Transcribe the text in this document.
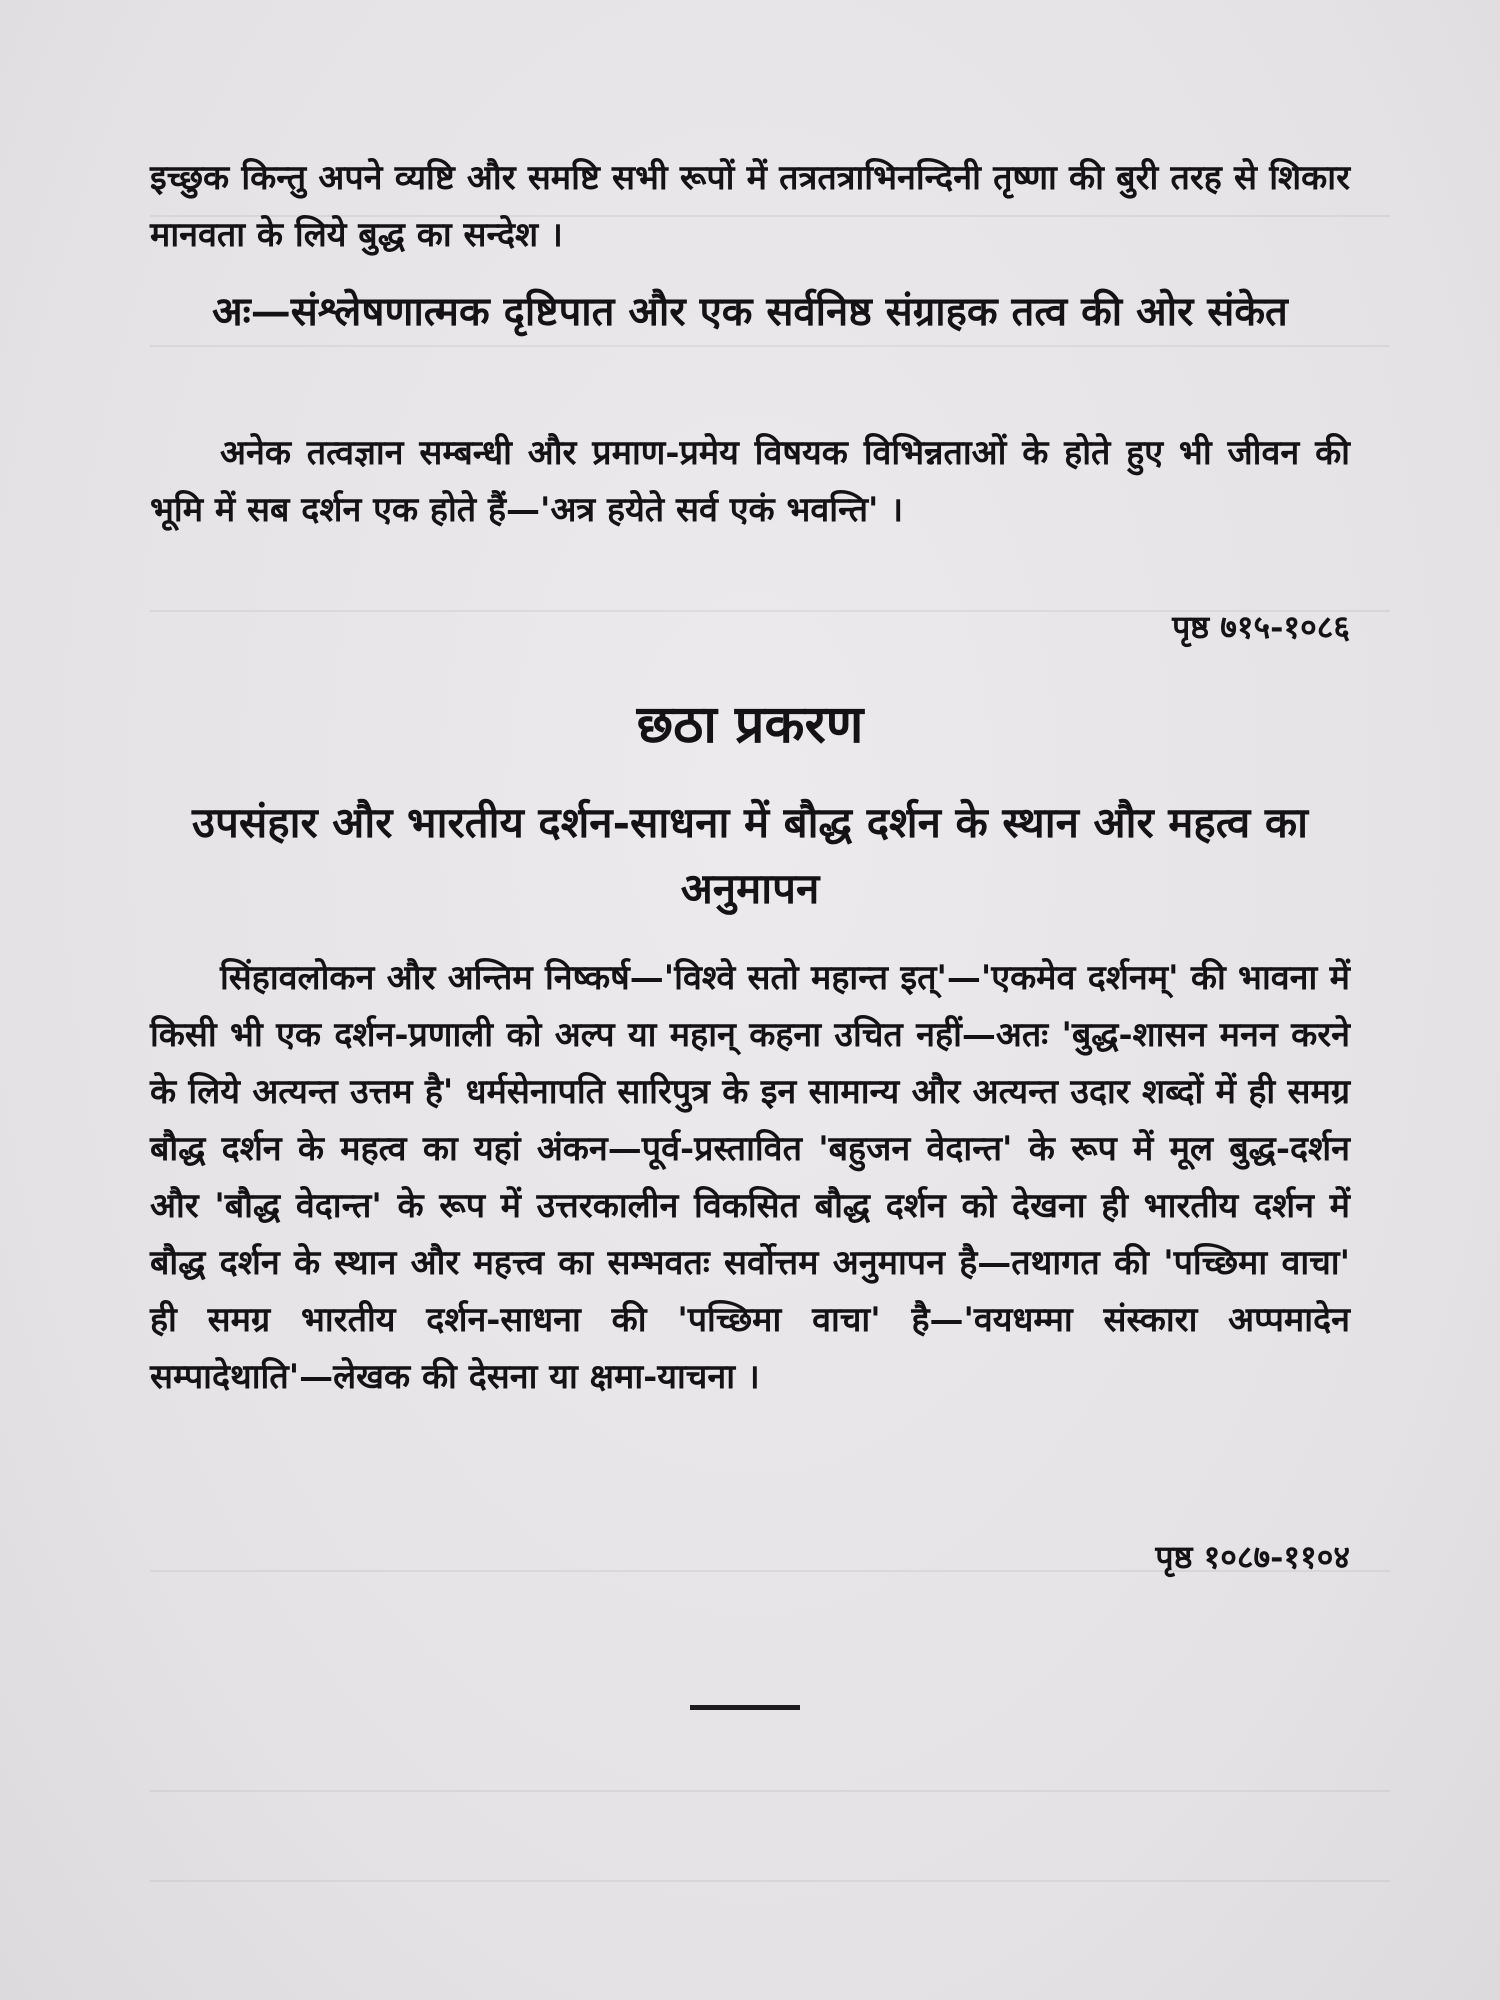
इच्छुक किन्तु अपने व्यष्टि और समष्टि सभी रूपों में तत्रतत्राभिनन्दिनी तृष्णा की बुरी तरह से शिकार मानवता के लिये बुद्ध का सन्देश ।

अः—संश्लेषणात्मक दृष्टिपात और एक सर्वनिष्ठ संग्राहक तत्व की ओर संकेत

अनेक तत्वज्ञान सम्बन्धी और प्रमाण-प्रमेय विषयक विभिन्नताओं के होते हुए भी जीवन की भूमि में सब दर्शन एक होते हैं—'अत्र हयेते सर्व एकं भवन्ति' ।

पृष्ठ ७१५-१०८६

छठा प्रकरण
उपसंहार और भारतीय दर्शन-साधना में बौद्ध दर्शन के स्थान और महत्व का अनुमापन

सिंहावलोकन और अन्तिम निष्कर्ष—'विश्वे सतो महान्त इत्'—'एकमेव दर्शनम्' की भावना में किसी भी एक दर्शन-प्रणाली को अल्प या महान् कहना उचित नहीं—अतः 'बुद्ध-शासन मनन करने के लिये अत्यन्त उत्तम है' धर्मसेनापति सारिपुत्र के इन सामान्य और अत्यन्त उदार शब्दों में ही समग्र बौद्ध दर्शन के महत्व का यहां अंकन—पूर्व-प्रस्तावित 'बहुजन वेदान्त' के रूप में मूल बुद्ध-दर्शन और 'बौद्ध वेदान्त' के रूप में उत्तरकालीन विकसित बौद्ध दर्शन को देखना ही भारतीय दर्शन में बौद्ध दर्शन के स्थान और महत्त्व का सम्भवतः सर्वोत्तम अनुमापन है—तथागत की 'पच्छिमा वाचा' ही समग्र भारतीय दर्शन-साधना की 'पच्छिमा वाचा' है—'वयधम्मा संस्कारा अप्पमादेन सम्पादेथाति'—लेखक की देसना या क्षमा-याचना ।

पृष्ठ १०८७-११०४
